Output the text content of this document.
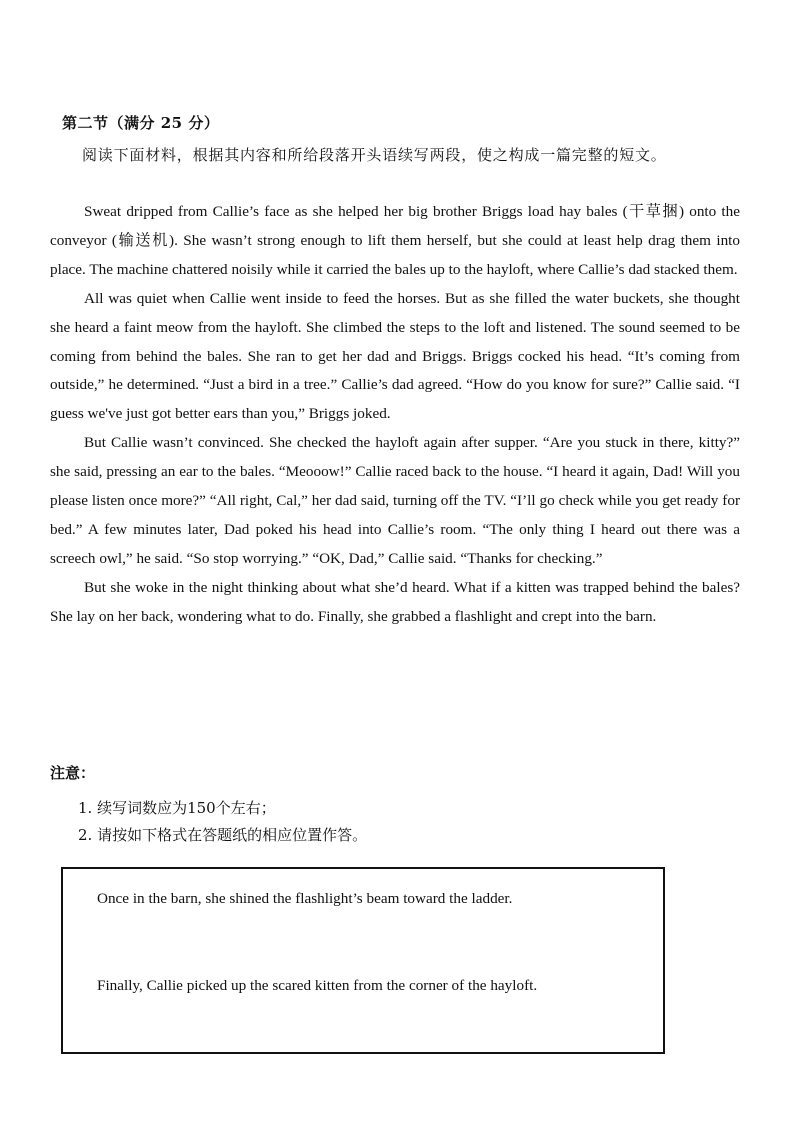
第二节（满分 25 分）
阅读下面材料，根据其内容和所给段落开头语续写两段，使之构成一篇完整的短文。

Sweat dripped from Callie’s face as she helped her big brother Briggs load hay bales (干草捆) onto the conveyor (输送机). She wasn’t strong enough to lift them herself, but she could at least help drag them into place. The machine chattered noisily while it carried the bales up to the hayloft, where Callie’s dad stacked them.

All was quiet when Callie went inside to feed the horses. But as she filled the water buckets, she thought she heard a faint meow from the hayloft. She climbed the steps to the loft and listened. The sound seemed to be coming from behind the bales. She ran to get her dad and Briggs. Briggs cocked his head. “It’s coming from outside,” he determined. “Just a bird in a tree.” Callie’s dad agreed. “How do you know for sure?” Callie said. “I guess we've just got better ears than you,” Briggs joked.

But Callie wasn’t convinced. She checked the hayloft again after supper. “Are you stuck in there, kitty?” she said, pressing an ear to the bales. “Meooow!” Callie raced back to the house. “I heard it again, Dad! Will you please listen once more?” “All right, Cal,” her dad said, turning off the TV. “I’ll go check while you get ready for bed.” A few minutes later, Dad poked his head into Callie’s room. “The only thing I heard out there was a screech owl,” he said. “So stop worrying.” “OK, Dad,” Callie said. “Thanks for checking.”

But she woke in the night thinking about what she’d heard. What if a kitten was trapped behind the bales? She lay on her back, wondering what to do. Finally, she grabbed a flashlight and crept into the barn.

注意：
1. 续写词数应为150个左右；
2. 请按如下格式在答题纸的相应位置作答。
Once in the barn, she shined the flashlight’s beam toward the ladder.
Finally, Callie picked up the scared kitten from the corner of the hayloft.
